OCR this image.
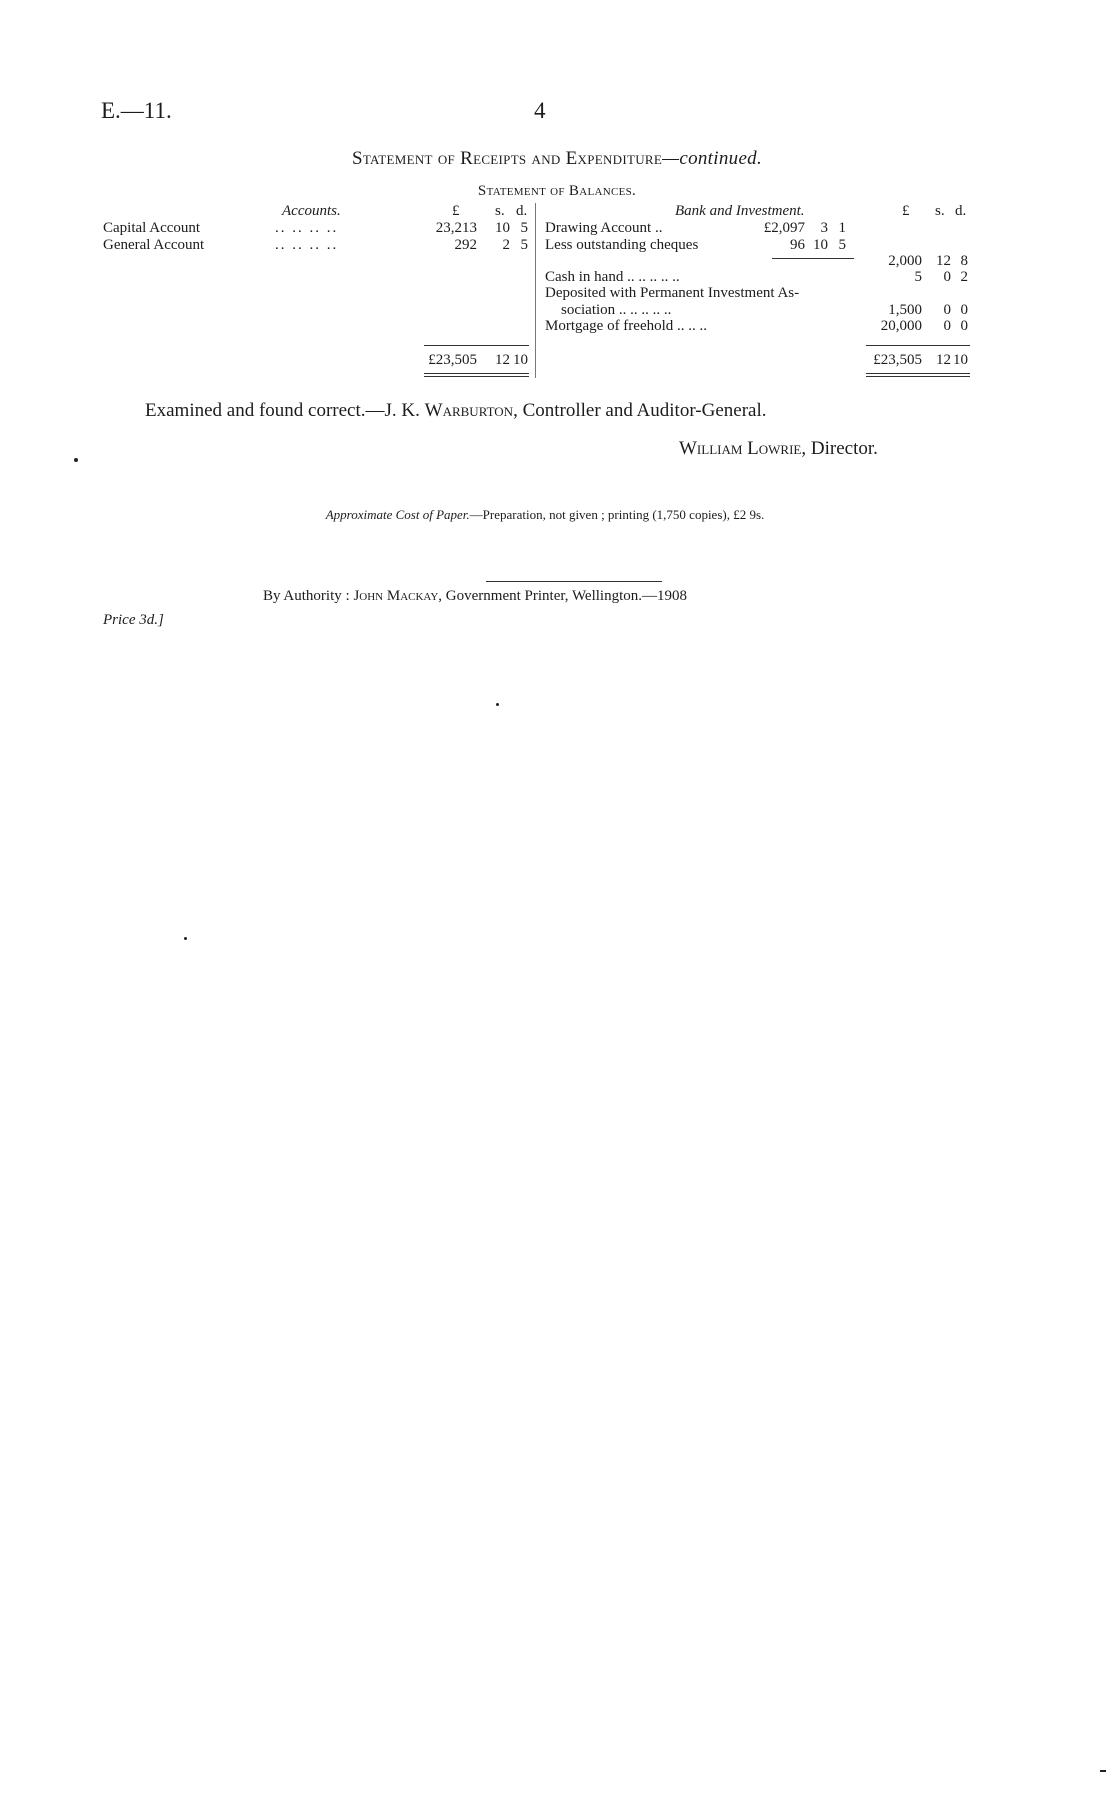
E.—11.	4
Statement of Receipts and Expenditure—continued.
Statement of Balances.
Accounts.	£ s. d.
Capital Account	.. .. .. ..	23,213	10 5
General Account	.. .. .. ..	292	2 5
£23,505	12 10
Bank and Investment.	£ s. d.
Drawing Account ..	£2,097	3 1
Less outstanding cheques	96 10 5
2,000 12 8
Cash in hand .. .. .. .. ..	5	0 2
Deposited with Permanent Investment As-
sociation .. .. .. .. ..	1,500	0 0
Mortgage of freehold .. .. ..	20,000	0 0
£23,505 12 10
Examined and found correct.—J. K. Warburton, Controller and Auditor-General.
William Lowrie, Director.
Approximate Cost of Paper.—Preparation, not given ; printing (1,750 copies), £2 9s.
By Authority : John Mackay, Government Printer, Wellington.—1908
Price 3d.]
